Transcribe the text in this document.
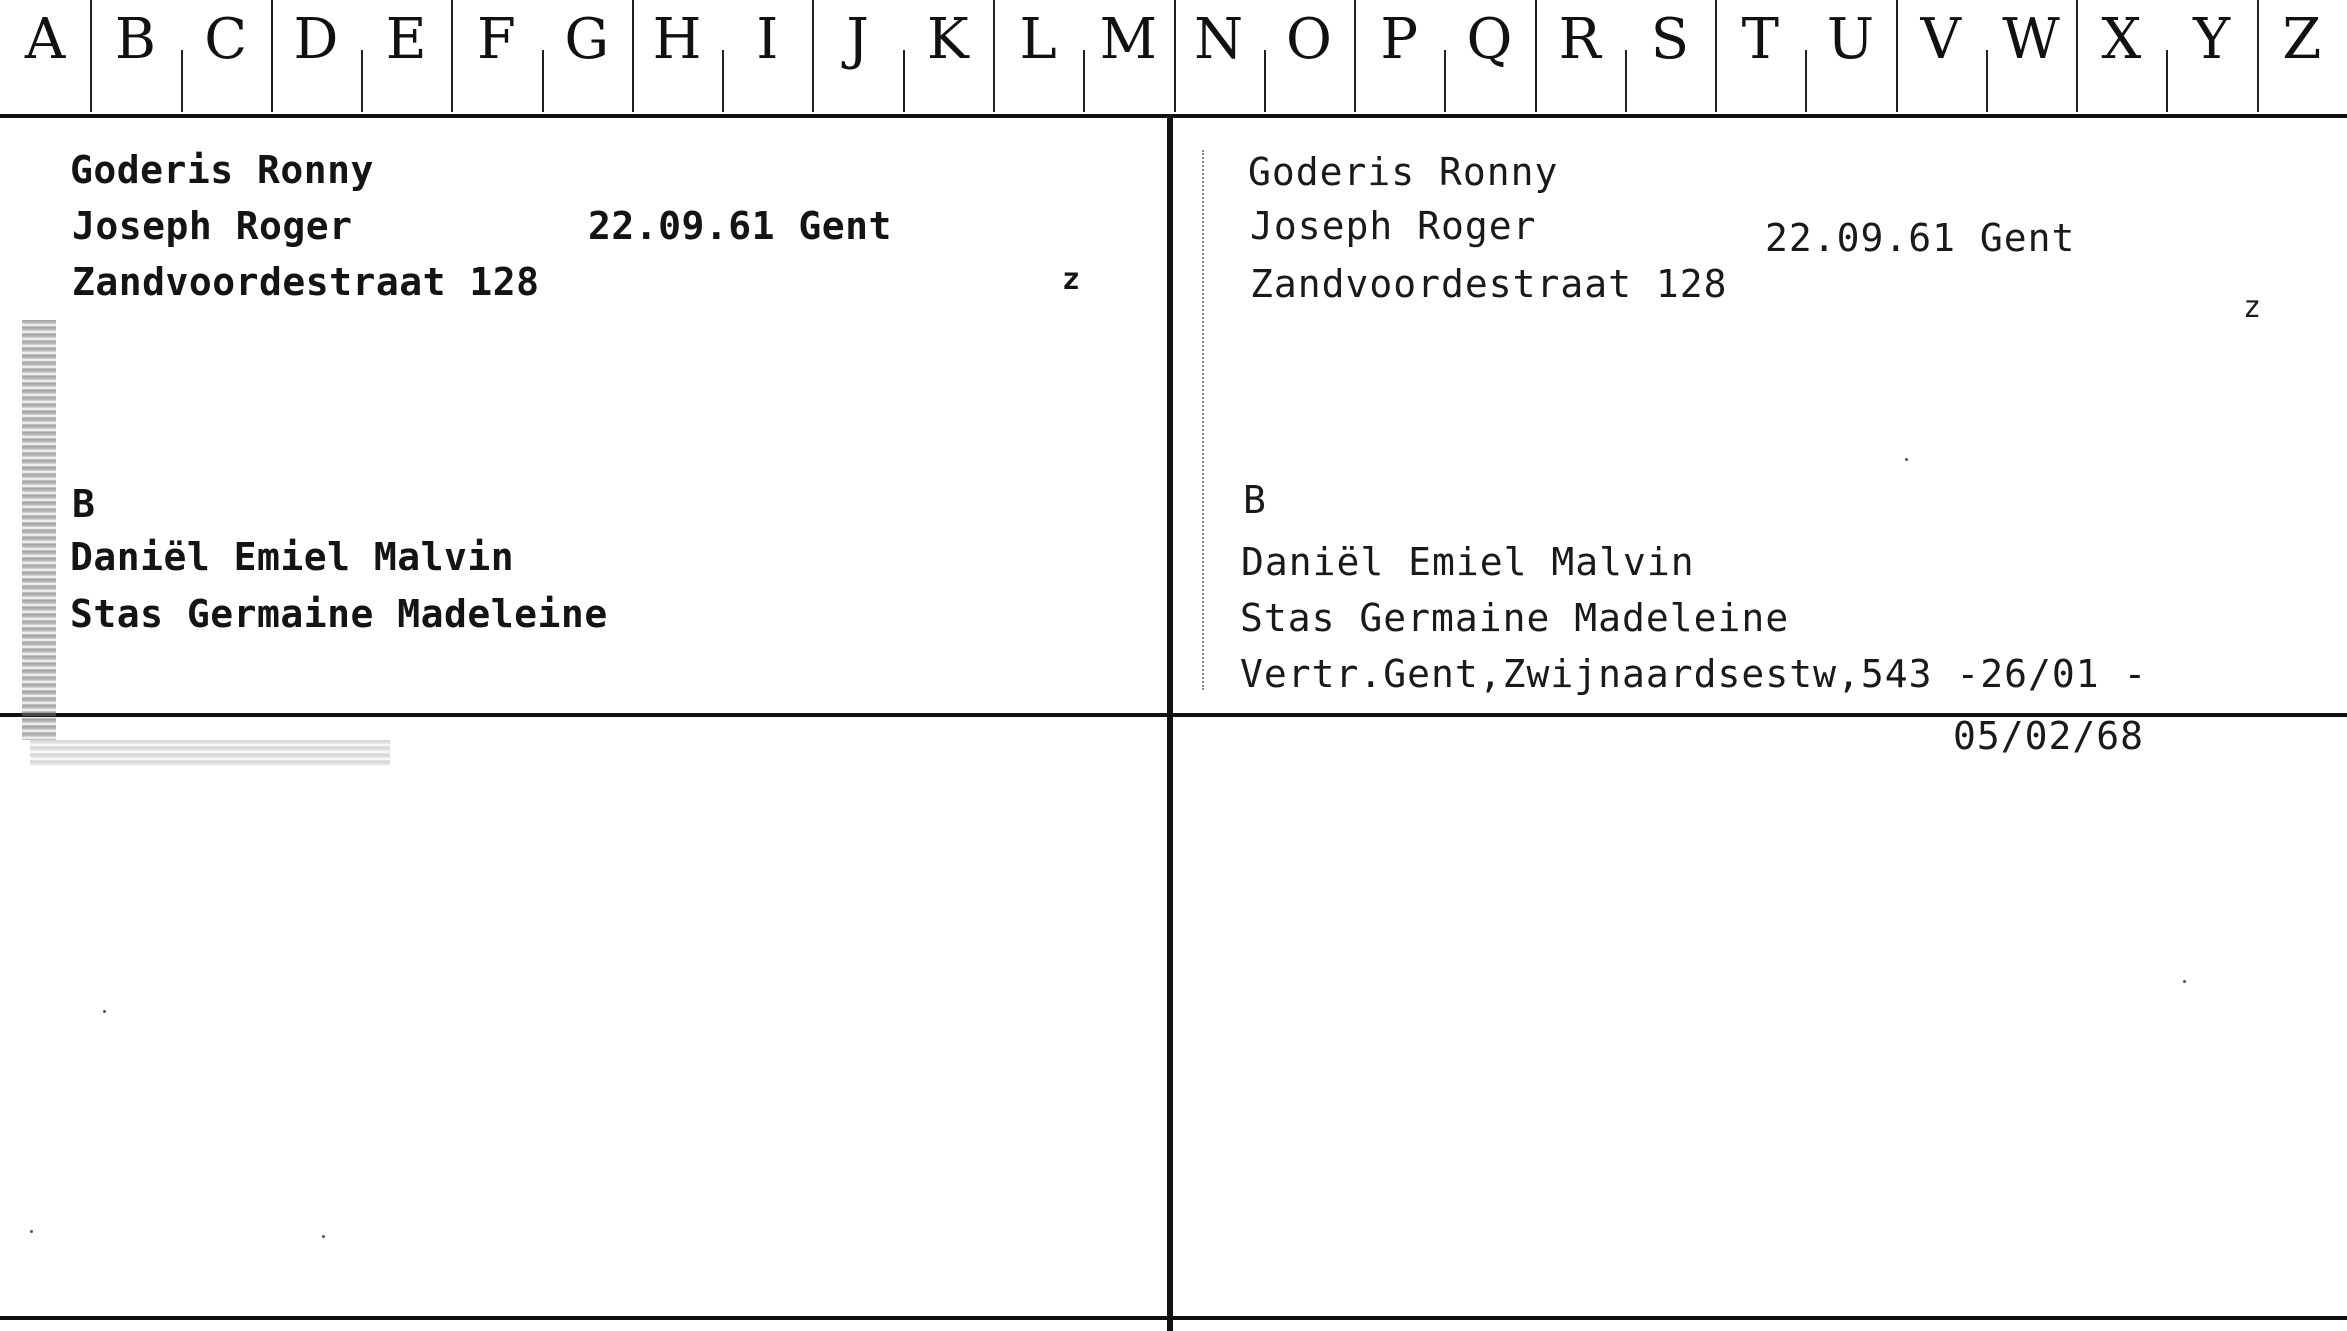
A B C D E F G H I	J	K L M N O P Q R S T U V W X Y Z
Goderis Ronny
Joseph Roger	22.09.61 Gent
Zandvoordestraat 128	z
B
Daniël Emiel Malvin
Stas Germaine Madeleine
Goderis Ronny
Joseph Roger	22.09.61 Gent
Zandvoordestraat 128
z
B
Daniël Emiel Malvin
Stas Germaine Madeleine
Vertr.Gent,Zwijnaardsestw,543 -26/01 -
05/02/68
